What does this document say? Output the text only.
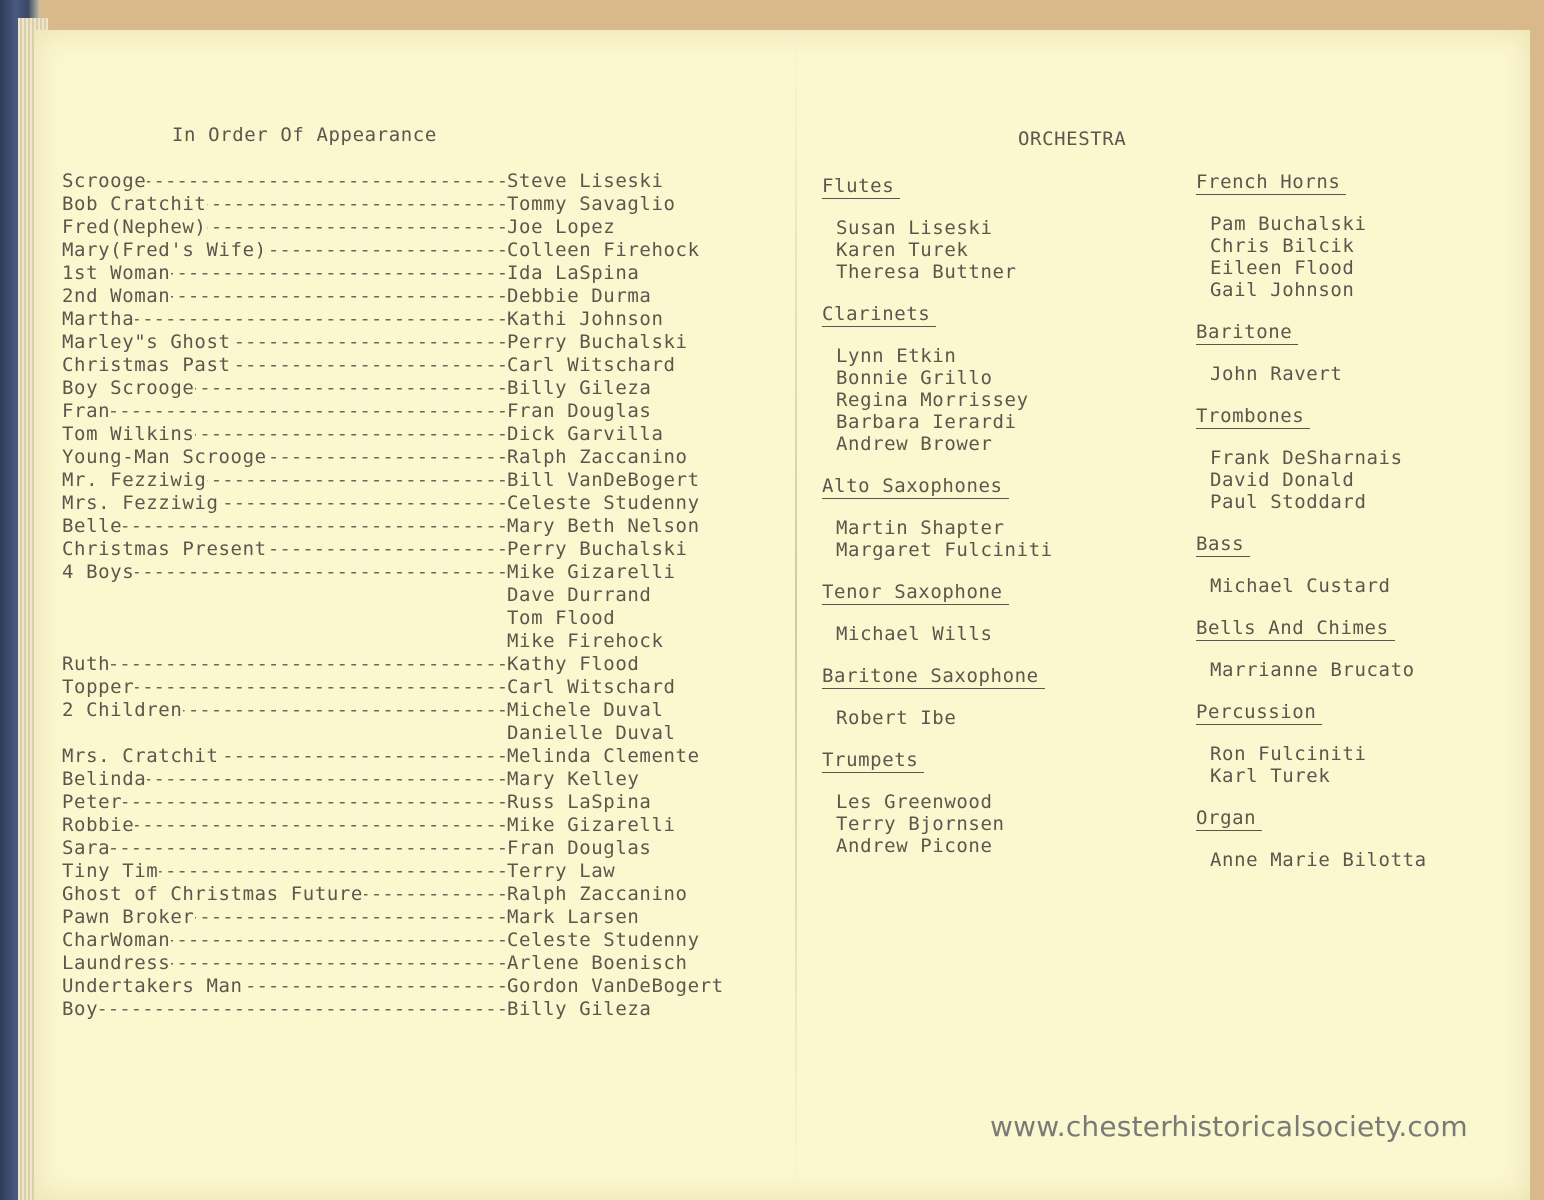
In Order Of Appearance
-----
Scrooge	Steve Liseski
-----
Bob Cratchit	Tommy Savaglio
-----
Fred(Nephew)	Joe Lopez
-----
Mary(Fred's Wife)	Colleen Firehock
-----
1st Woman	Ida LaSpina
-----
2nd Woman	Debbie Durma
-----
Martha	Kathi Johnson
-----
Marley"s Ghost	Perry Buchalski
-----
Christmas Past	Carl Witschard
-----
Boy Scrooge	Billy Gileza
-----
Fran	Fran Douglas
-----
Tom Wilkins	Dick Garvilla
-----
Young-Man Scrooge	Ralph Zaccanino
-----
Mr. Fezziwig	Bill VanDeBogert
-----
Mrs. Fezziwig	Celeste Studenny
-----
Belle	Mary Beth Nelson
-----
Christmas Present	Perry Buchalski
-----
4 Boys	Mike Gizarelli
Dave Durrand
Tom Flood
Mike Firehock
-----
Ruth	Kathy Flood
-----
Topper	Carl Witschard
-----
2 Children	Michele Duval
Danielle Duval
-----
Mrs. Cratchit	Melinda Clemente
-----
Belinda	Mary Kelley
-----
Peter	Russ LaSpina
-----
Robbie	Mike Gizarelli
-----
Sara	Fran Douglas
-----
Tiny Tim	Terry Law
-----
Ghost of Christmas Future	Ralph Zaccanino
-----
Pawn Broker	Mark Larsen
-----
CharWoman	Celeste Studenny
-----
Laundress	Arlene Boenisch
-----
Undertakers Man	Gordon VanDeBogert
-----
Boy	Billy Gileza
ORCHESTRA
Flutes
Susan Liseski
Karen Turek
Theresa Buttner
Clarinets
Lynn Etkin
Bonnie Grillo
Regina Morrissey
Barbara Ierardi
Andrew Brower
Alto Saxophones
Martin Shapter
Margaret Fulciniti
Tenor Saxophone
Michael Wills
Baritone Saxophone
Robert Ibe
Trumpets
Les Greenwood
Terry Bjornsen
Andrew Picone
French Horns
Pam Buchalski
Chris Bilcik
Eileen Flood
Gail Johnson
Baritone
John Ravert
Trombones
Frank DeSharnais
David Donald
Paul Stoddard
Bass
Michael Custard
Bells And Chimes
Marrianne Brucato
Percussion
Ron Fulciniti
Karl Turek
Organ
Anne Marie Bilotta
www.chesterhistoricalsociety.com
